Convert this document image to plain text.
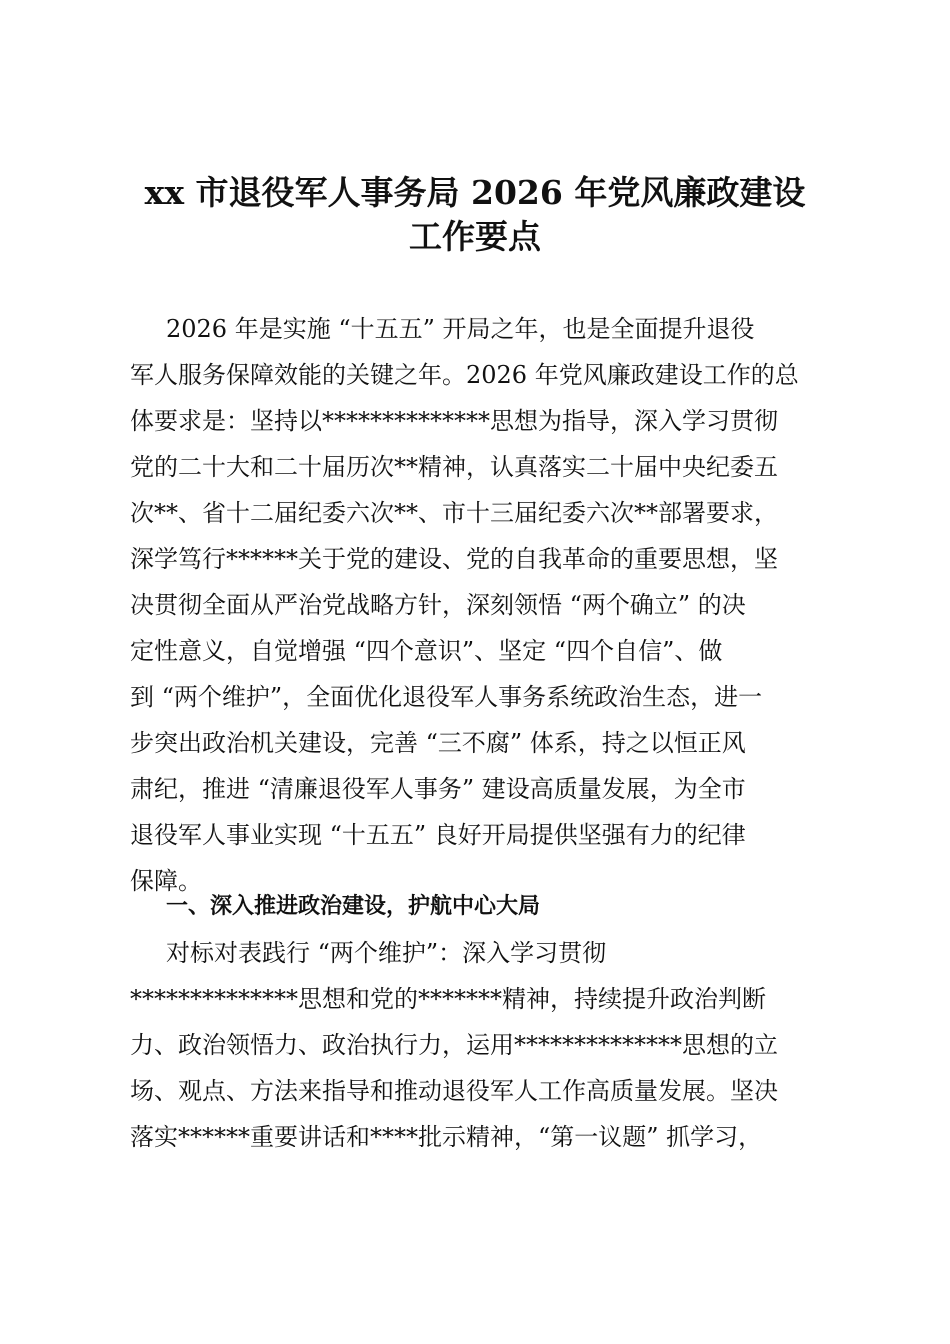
xx 市退役军人事务局 2026 年党风廉政建设
工作要点
2026 年是实施 “十五五” 开局之年，也是全面提升退役
军人服务保障效能的关键之年。2026 年党风廉政建设工作的总
体要求是：坚持以**************思想为指导，深入学习贯彻
党的二十大和二十届历次**精神，认真落实二十届中央纪委五
次**、省十二届纪委六次**、市十三届纪委六次**部署要求，
深学笃行******关于党的建设、党的自我革命的重要思想，坚
决贯彻全面从严治党战略方针，深刻领悟 “两个确立” 的决
定性意义，自觉增强 “四个意识”、坚定 “四个自信”、做
到 “两个维护”，全面优化退役军人事务系统政治生态，进一
步突出政治机关建设，完善 “三不腐” 体系，持之以恒正风
肃纪，推进 “清廉退役军人事务” 建设高质量发展，为全市
退役军人事业实现 “十五五” 良好开局提供坚强有力的纪律
保障。
一、深入推进政治建设，护航中心大局
对标对表践行 “两个维护”：深入学习贯彻
**************思想和党的*******精神，持续提升政治判断
力、政治领悟力、政治执行力，运用**************思想的立
场、观点、方法来指导和推动退役军人工作高质量发展。坚决
落实******重要讲话和****批示精神，“第一议题” 抓学习，
